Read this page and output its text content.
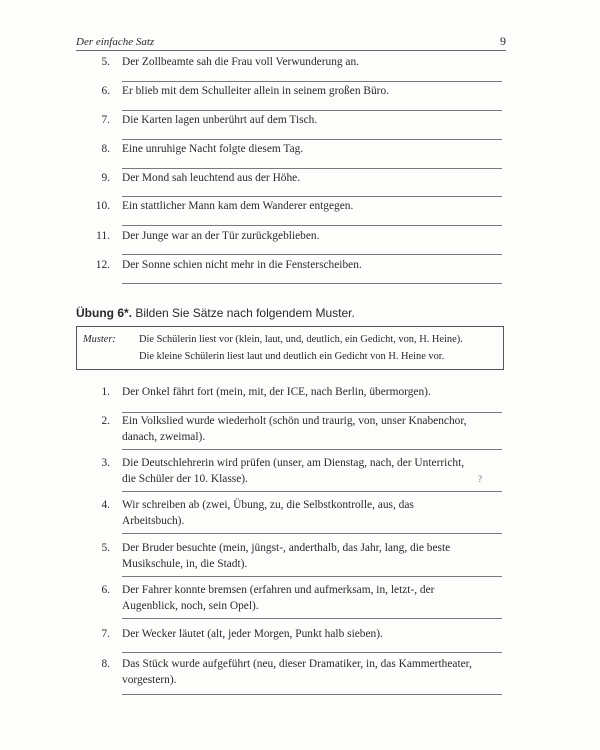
Der einfache Satz	9
5. Der Zollbeamte sah die Frau voll Verwunderung an.
6. Er blieb mit dem Schulleiter allein in seinem großen Büro.
7. Die Karten lagen unberührt auf dem Tisch.
8. Eine unruhige Nacht folgte diesem Tag.
9. Der Mond sah leuchtend aus der Höhe.
10. Ein stattlicher Mann kam dem Wanderer entgegen.
11. Der Junge war an der Tür zurückgeblieben.
12. Der Sonne schien nicht mehr in die Fensterscheiben.
Übung 6*. Bilden Sie Sätze nach folgendem Muster.
Muster: Die Schülerin liest vor (klein, laut, und, deutlich, ein Gedicht, von, H. Heine).
Die kleine Schülerin liest laut und deutlich ein Gedicht von H. Heine vor.
1. Der Onkel fährt fort (mein, mit, der ICE, nach Berlin, übermorgen).
2. Ein Volkslied wurde wiederholt (schön und traurig, von, unser Knabenchor,
danach, zweimal).
3. Die Deutschlehrerin wird prüfen (unser, am Dienstag, nach, der Unterricht,
die Schüler der 10. Klasse).	?
4. Wir schreiben ab (zwei, Übung, zu, die Selbstkontrolle, aus, das
Arbeitsbuch).
5. Der Bruder besuchte (mein, jüngst-, anderthalb, das Jahr, lang, die beste
Musikschule, in, die Stadt).
6. Der Fahrer konnte bremsen (erfahren und aufmerksam, in, letzt-, der
Augenblick, noch, sein Opel).
7. Der Wecker läutet (alt, jeder Morgen, Punkt halb sieben).
8. Das Stück wurde aufgeführt (neu, dieser Dramatiker, in, das Kammertheater,
vorgestern).
